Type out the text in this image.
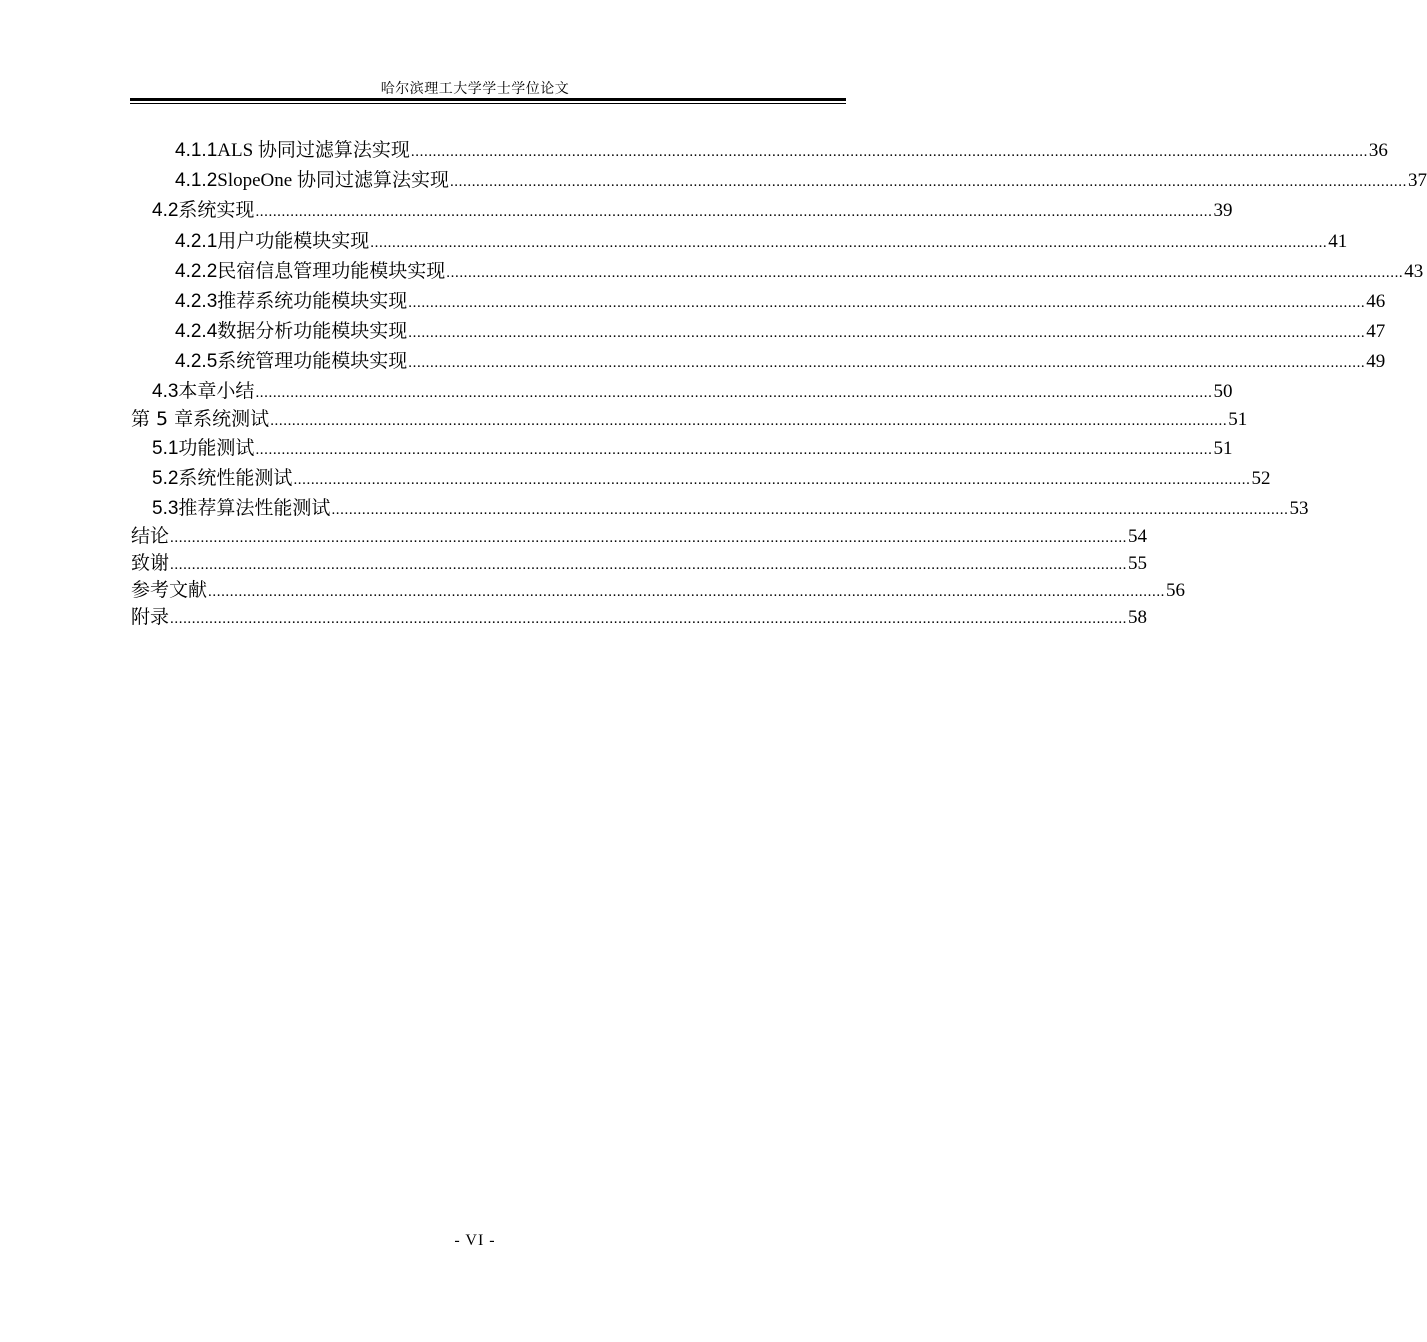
哈尔滨理工大学学士学位论文
4.1.1 ALS 协同过滤算法实现 ............................................................................................................................................................................................................................ 36
4.1.2 SlopeOne 协同过滤算法实现 ............................................................................................................................................................................................................................ 37
4.2 系统实现 ............................................................................................................................................................................................................................ 39
4.2.1 用户功能模块实现 ............................................................................................................................................................................................................................ 41
4.2.2 民宿信息管理功能模块实现 ............................................................................................................................................................................................................................ 43
4.2.3 推荐系统功能模块实现 ............................................................................................................................................................................................................................ 46
4.2.4 数据分析功能模块实现 ............................................................................................................................................................................................................................ 47
4.2.5 系统管理功能模块实现 ............................................................................................................................................................................................................................ 49
4.3 本章小结 ............................................................................................................................................................................................................................ 50
第 5 章 系统测试 ............................................................................................................................................................................................................................ 51
5.1 功能测试 ............................................................................................................................................................................................................................ 51
5.2 系统性能测试 ............................................................................................................................................................................................................................ 52
5.3 推荐算法性能测试 ............................................................................................................................................................................................................................ 53
结论 ............................................................................................................................................................................................................................ 54
致谢 ............................................................................................................................................................................................................................ 55
参考文献 ............................................................................................................................................................................................................................ 56
附录 ............................................................................................................................................................................................................................ 58
- VI -
